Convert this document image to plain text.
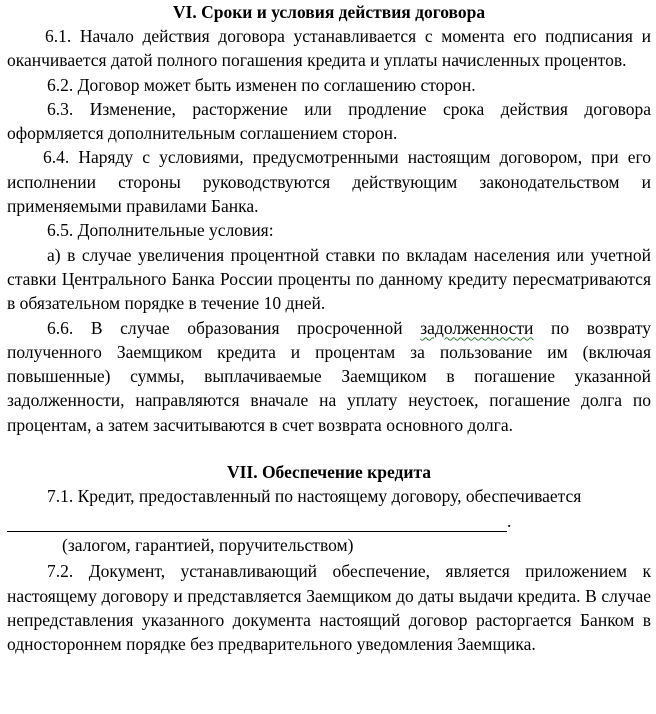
VI. Сроки и условия действия договора

6.1. Начало действия договора устанавливается с момента его подписания и оканчивается датой полного погашения кредита и уплаты начисленных процентов.

6.2. Договор может быть изменен по соглашению сторон.

6.3. Изменение, расторжение или продление срока действия договора оформляется дополнительным соглашением сторон.

6.4. Наряду с условиями, предусмотренными настоящим договором, при его исполнении стороны руководствуются действующим законодательством и применяемыми правилами Банка.

6.5. Дополнительные условия:

а) в случае увеличения процентной ставки по вкладам населения или учетной ставки Центрального Банка России проценты по данному кредиту пересматриваются в обязательном порядке в течение 10 дней.

6.6. В случае образования просроченной задолженности по возврату полученного Заемщиком кредита и процентам за пользование им (включая повышенные) суммы, выплачиваемые Заемщиком в погашение указанной задолженности, направляются вначале на уплату неустоек, погашение долга по процентам, а затем засчитываются в счет возврата основного долга.

VII. Обеспечение кредита

7.1. Кредит, предоставленный по настоящему договору, обеспечивается

.
(залогом, гарантией, поручительством)

7.2. Документ, устанавливающий обеспечение, является приложением к настоящему договору и представляется Заемщиком до даты выдачи кредита. В случае непредставления указанного документа настоящий договор расторгается Банком в одностороннем порядке без предварительного уведомления Заемщика.
